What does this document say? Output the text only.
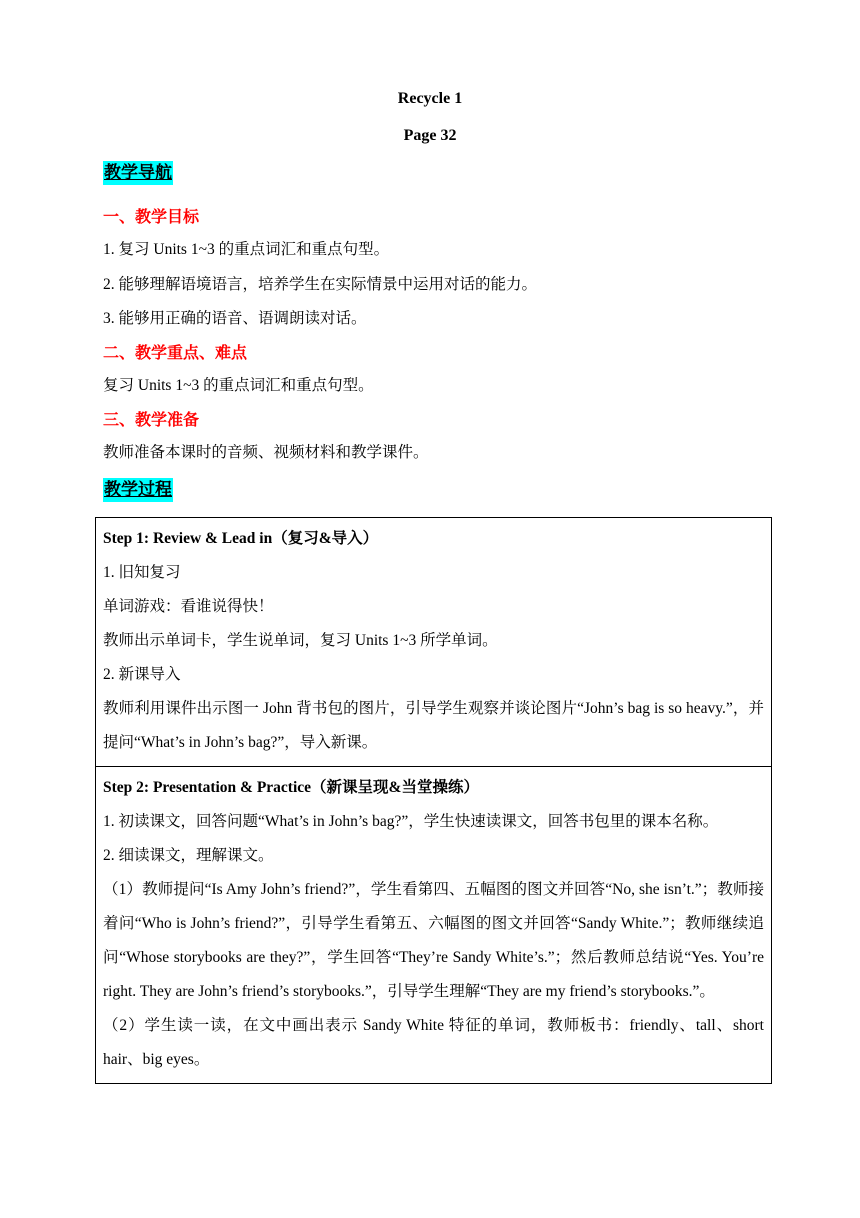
Recycle 1
Page 32
教学导航
一、教学目标
1. 复习 Units 1~3 的重点词汇和重点句型。
2. 能够理解语境语言，培养学生在实际情景中运用对话的能力。
3. 能够用正确的语音、语调朗读对话。
二、教学重点、难点
复习 Units 1~3 的重点词汇和重点句型。
三、教学准备
教师准备本课时的音频、视频材料和教学课件。
教学过程
Step 1: Review & Lead in（复习&导入）
1. 旧知复习
单词游戏：看谁说得快！
教师出示单词卡，学生说单词，复习 Units 1~3 所学单词。
2. 新课导入
教师利用课件出示图一 John 背书包的图片，引导学生观察并谈论图片“John’s bag is so heavy.”，并提问“What’s in John’s bag?”，导入新课。

Step 2: Presentation & Practice（新课呈现&当堂操练）
1. 初读课文，回答问题“What’s in John’s bag?”，学生快速读课文，回答书包里的课本名称。
2. 细读课文，理解课文。
（1）教师提问“Is Amy John’s friend?”，学生看第四、五幅图的图文并回答“No, she isn’t.”；教师接着问“Who is John’s friend?”，引导学生看第五、六幅图的图文并回答“Sandy White.”；教师继续追问“Whose storybooks are they?”，学生回答“They’re Sandy White’s.”；然后教师总结说“Yes. You’re right. They are John’s friend’s storybooks.”，引导学生理解“They are my friend’s storybooks.”。
（2）学生读一读，在文中画出表示 Sandy White 特征的单词，教师板书：friendly、tall、short hair、big eyes。
